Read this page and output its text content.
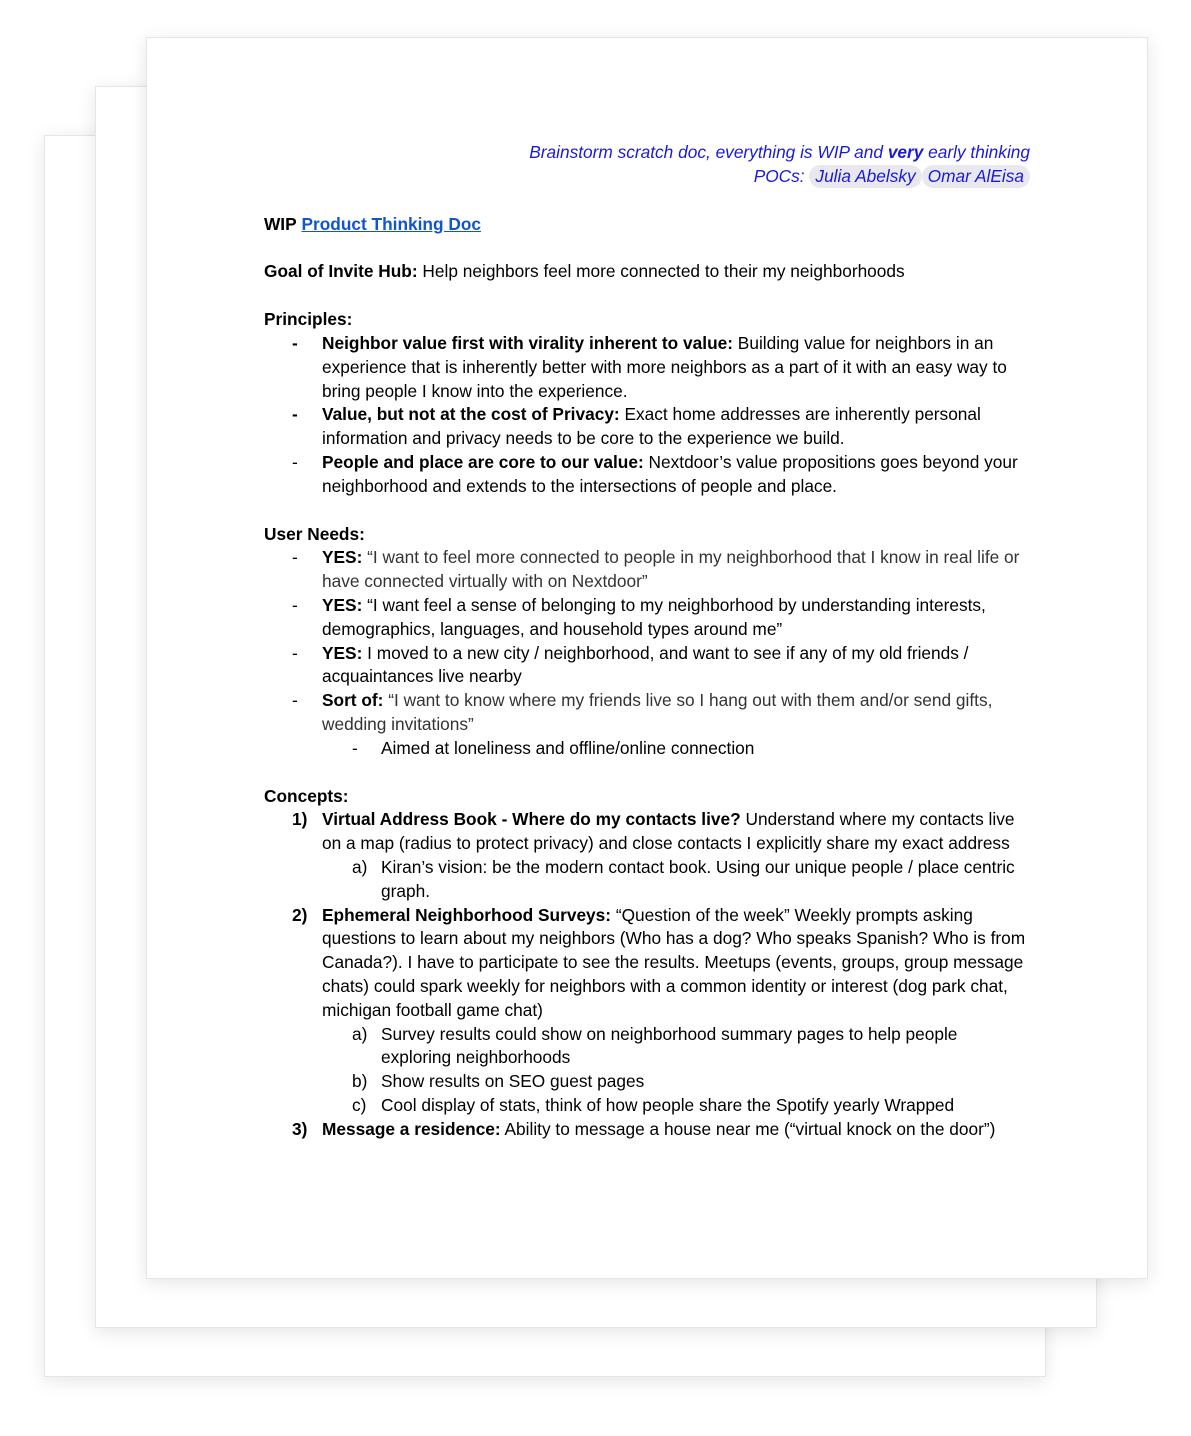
Brainstorm scratch doc, everything is WIP and very early thinking

POCs: Julia Abelsky Omar AlEisa

WIP Product Thinking Doc

Goal of Invite Hub: Help neighbors feel more connected to their my neighborhoods

Principles:

- Neighbor value first with virality inherent to value: Building value for neighbors in an experience that is inherently better with more neighbors as a part of it with an easy way to bring people I know into the experience.
- Value, but not at the cost of Privacy: Exact home addresses are inherently personal information and privacy needs to be core to the experience we build.
- People and place are core to our value: Nextdoor’s value propositions goes beyond your neighborhood and extends to the intersections of people and place.

User Needs:

- YES: “I want to feel more connected to people in my neighborhood that I know in real life or have connected virtually with on Nextdoor”
- YES: “I want feel a sense of belonging to my neighborhood by understanding interests, demographics, languages, and household types around me”
- YES: I moved to a new city / neighborhood, and want to see if any of my old friends / acquaintances live nearby
- Sort of: “I want to know where my friends live so I hang out with them and/or send gifts, wedding invitations”
- Aimed at loneliness and offline/online connection

Concepts:

1) Virtual Address Book - Where do my contacts live? Understand where my contacts live on a map (radius to protect privacy) and close contacts I explicitly share my exact address
a) Kiran’s vision: be the modern contact book. Using our unique people / place centric graph.
2) Ephemeral Neighborhood Surveys: “Question of the week” Weekly prompts asking questions to learn about my neighbors (Who has a dog? Who speaks Spanish? Who is from Canada?). I have to participate to see the results. Meetups (events, groups, group message chats) could spark weekly for neighbors with a common identity or interest (dog park chat, michigan football game chat)
a) Survey results could show on neighborhood summary pages to help people exploring neighborhoods
b) Show results on SEO guest pages
c) Cool display of stats, think of how people share the Spotify yearly Wrapped
3) Message a residence: Ability to message a house near me (“virtual knock on the door”)
